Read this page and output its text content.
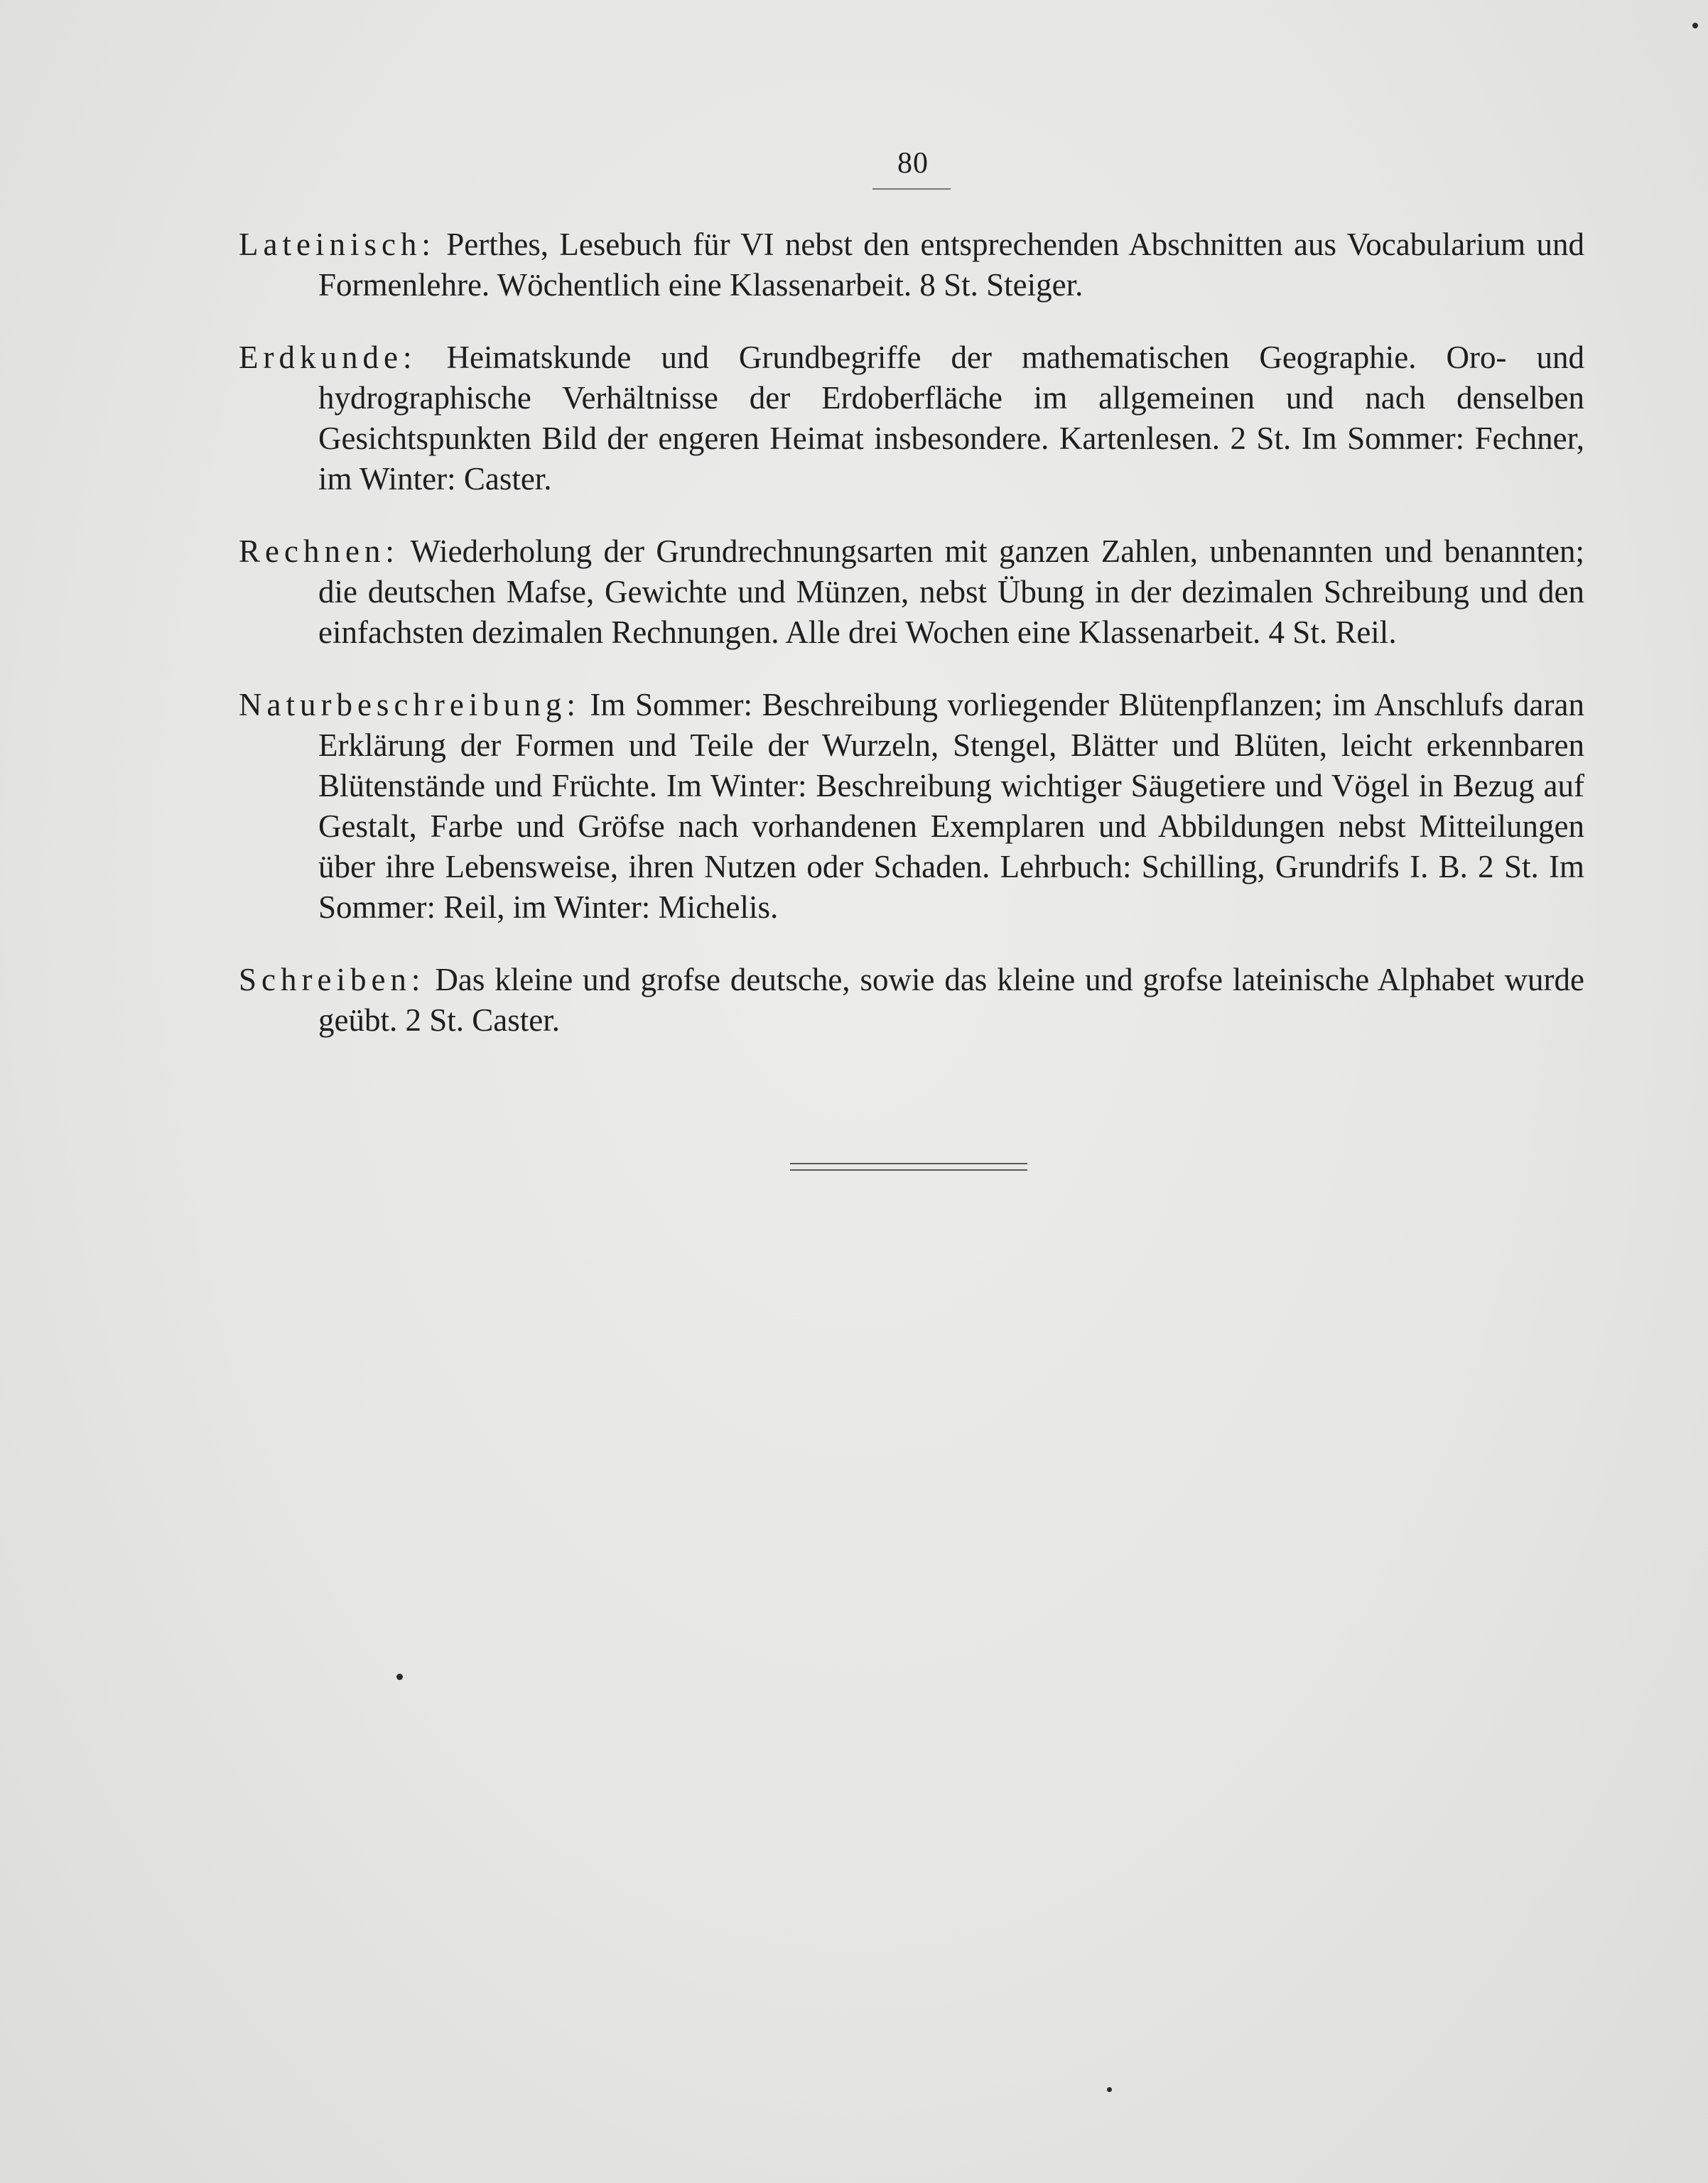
80

Lateinisch: Perthes, Lesebuch für VI nebst den entsprechenden Abschnitten aus Vocabularium und Formenlehre. Wöchentlich eine Klassenarbeit. 8 St. Steiger.

Erdkunde: Heimatskunde und Grundbegriffe der mathematischen Geographie. Oro- und hydrographische Verhältnisse der Erdoberfläche im allgemeinen und nach denselben Gesichtspunkten Bild der engeren Heimat insbesondere. Kartenlesen. 2 St. Im Sommer: Fechner, im Winter: Caster.

Rechnen: Wiederholung der Grundrechnungsarten mit ganzen Zahlen, unbenannten und benannten; die deutschen Mafse, Gewichte und Münzen, nebst Übung in der dezimalen Schreibung und den einfachsten dezimalen Rechnungen. Alle drei Wochen eine Klassenarbeit. 4 St. Reil.

Naturbeschreibung: Im Sommer: Beschreibung vorliegender Blütenpflanzen; im Anschlufs daran Erklärung der Formen und Teile der Wurzeln, Stengel, Blätter und Blüten, leicht erkennbaren Blütenstände und Früchte. Im Winter: Beschreibung wichtiger Säugetiere und Vögel in Bezug auf Gestalt, Farbe und Gröfse nach vorhandenen Exemplaren und Abbildungen nebst Mitteilungen über ihre Lebensweise, ihren Nutzen oder Schaden. Lehrbuch: Schilling, Grundrifs I. B. 2 St. Im Sommer: Reil, im Winter: Michelis.

Schreiben: Das kleine und grofse deutsche, sowie das kleine und grofse lateinische Alphabet wurde geübt. 2 St. Caster.
